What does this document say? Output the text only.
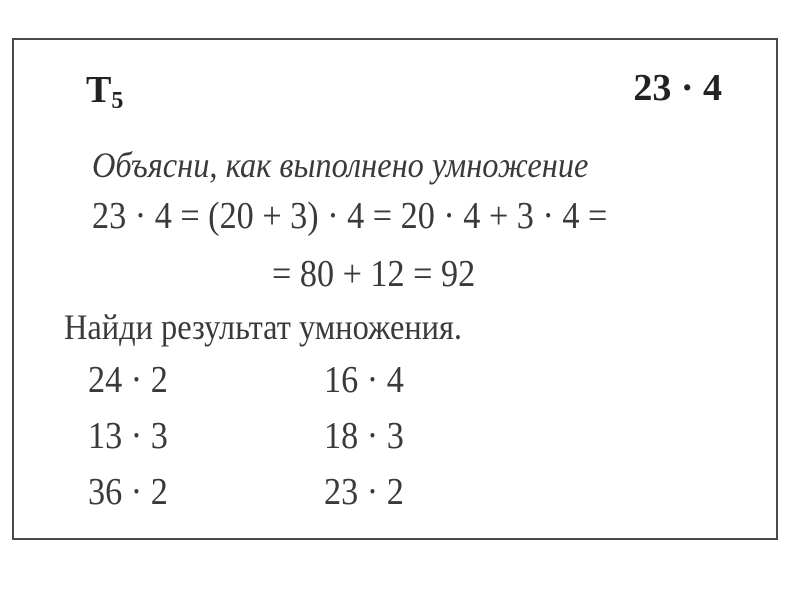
$Т_5$	23 · 4
Объясни, как выполнено умножение
23 · 4 = (20 + 3) · 4 = 20 · 4 + 3 · 4 =
= 80 + 12 = 92
Найди результат умножения.
24 · 2
13 · 3
36 · 2
16 · 4
18 · 3
23 · 2
